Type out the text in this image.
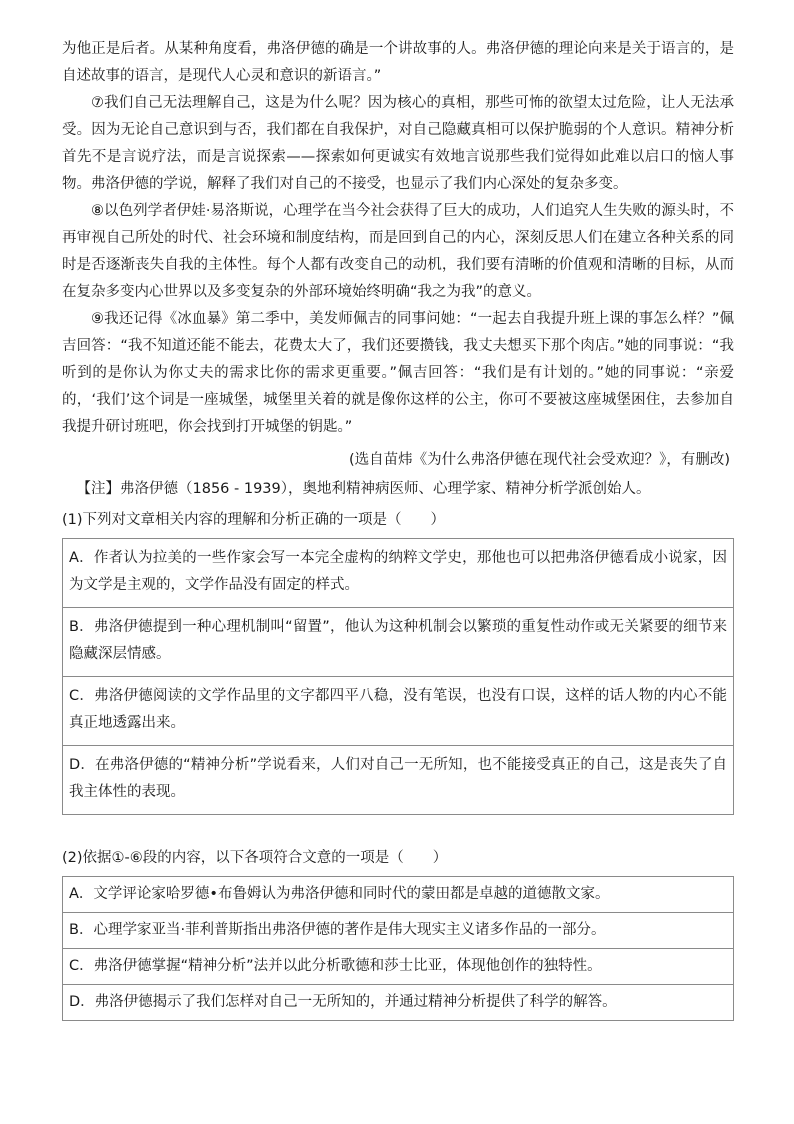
为他正是后者。从某种角度看，弗洛伊德的确是一个讲故事的人。弗洛伊德的理论向来是关于语言的，是自述故事的语言，是现代人心灵和意识的新语言。”

⑦我们自己无法理解自己，这是为什么呢？因为核心的真相，那些可怖的欲望太过危险，让人无法承受。因为无论自己意识到与否，我们都在自我保护，对自己隐藏真相可以保护脆弱的个人意识。精神分析首先不是言说疗法，而是言说探索——探索如何更诚实有效地言说那些我们觉得如此难以启口的恼人事物。弗洛伊德的学说，解释了我们对自己的不接受，也显示了我们内心深处的复杂多变。

⑧以色列学者伊娃·易洛斯说，心理学在当今社会获得了巨大的成功，人们追究人生失败的源头时，不再审视自己所处的时代、社会环境和制度结构，而是回到自己的内心，深刻反思人们在建立各种关系的同时是否逐渐丧失自我的主体性。每个人都有改变自己的动机，我们要有清晰的价值观和清晰的目标，从而在复杂多变内心世界以及多变复杂的外部环境始终明确“我之为我”的意义。

⑨我还记得《冰血暴》第二季中，美发师佩吉的同事问她：“一起去自我提升班上课的事怎么样？”佩吉回答：“我不知道还能不能去，花费太大了，我们还要攒钱，我丈夫想买下那个肉店。”她的同事说：“我听到的是你认为你丈夫的需求比你的需求更重要。”佩吉回答：“我们是有计划的。”她的同事说：“亲爱的，‘我们’这个词是一座城堡，城堡里关着的就是像你这样的公主，你可不要被这座城堡困住，去参加自我提升研讨班吧，你会找到打开城堡的钥匙。”

(选自苗炜《为什么弗洛伊德在现代社会受欢迎？》，有删改)

【注】弗洛伊德（1856 - 1939），奥地利精神病医师、心理学家、精神分析学派创始人。

(1)下列对文章相关内容的理解和分析正确的一项是（　　）

A．作者认为拉美的一些作家会写一本完全虚构的纳粹文学史，那他也可以把弗洛伊德看成小说家，因为文学是主观的，文学作品没有固定的样式。
B．弗洛伊德提到一种心理机制叫“留置”，他认为这种机制会以繁琐的重复性动作或无关紧要的细节来隐藏深层情感。
C．弗洛伊德阅读的文学作品里的文字都四平八稳，没有笔误，也没有口误，这样的话人物的内心不能真正地透露出来。
D．在弗洛伊德的“精神分析”学说看来，人们对自己一无所知，也不能接受真正的自己，这是丧失了自我主体性的表现。

(2)依据①-⑥段的内容，以下各项符合文意的一项是（　　）

A．文学评论家哈罗德•布鲁姆认为弗洛伊德和同时代的蒙田都是卓越的道德散文家。
B．心理学家亚当·菲利普斯指出弗洛伊德的著作是伟大现实主义诸多作品的一部分。
C．弗洛伊德掌握“精神分析”法并以此分析歌德和莎士比亚，体现他创作的独特性。
D．弗洛伊德揭示了我们怎样对自己一无所知的，并通过精神分析提供了科学的解答。
